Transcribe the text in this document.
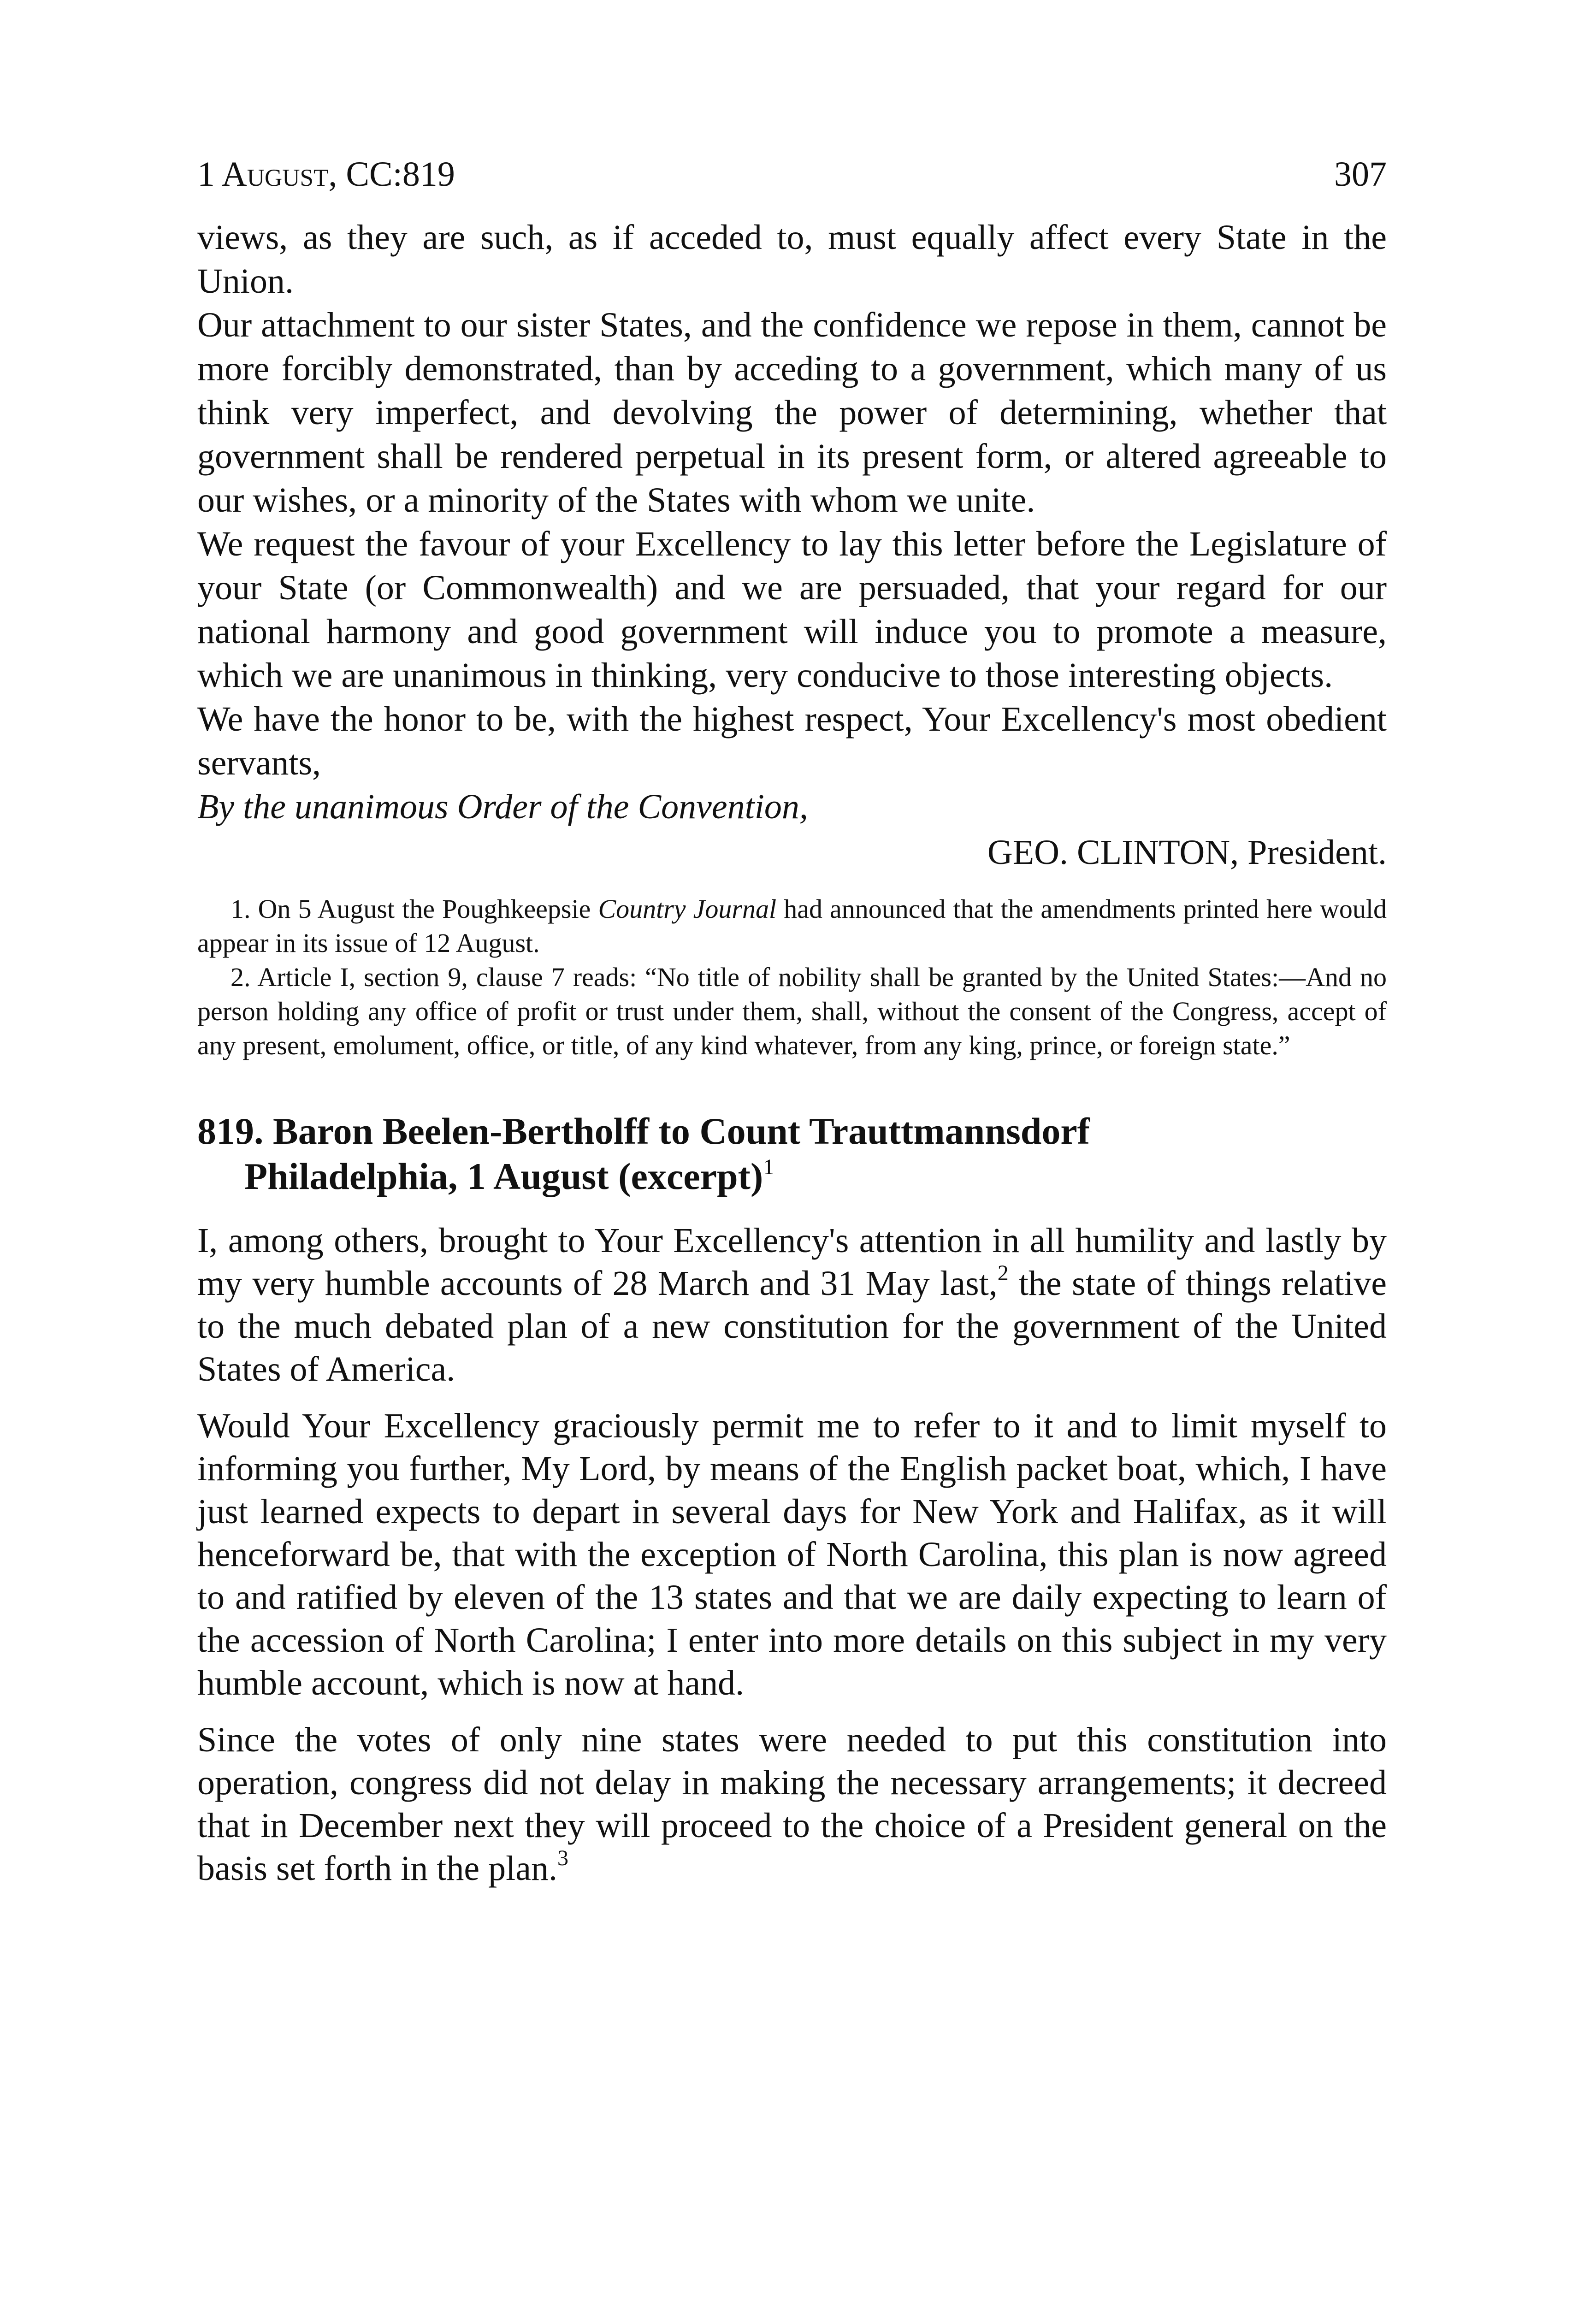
1 August, CC:819	307

views, as they are such, as if acceded to, must equally affect every State in the Union.

Our attachment to our sister States, and the confidence we repose in them, cannot be more forcibly demonstrated, than by acceding to a government, which many of us think very imperfect, and devolving the power of determining, whether that government shall be rendered perpetual in its present form, or altered agreeable to our wishes, or a minority of the States with whom we unite.

We request the favour of your Excellency to lay this letter before the Legislature of your State (or Commonwealth) and we are persuaded, that your regard for our national harmony and good government will induce you to promote a measure, which we are unanimous in thinking, very conducive to those interesting objects.

We have the honor to be, with the highest respect, Your Excellency's most obedient servants,

By the unanimous Order of the Convention,
GEO. CLINTON, President.

1. On 5 August the Poughkeepsie Country Journal had announced that the amendments printed here would appear in its issue of 12 August.

2. Article I, section 9, clause 7 reads: “No title of nobility shall be granted by the United States:—And no person holding any office of profit or trust under them, shall, without the consent of the Congress, accept of any present, emolument, office, or title, of any kind whatever, from any king, prince, or foreign state.”

819. Baron Beelen-Bertholff to Count Trauttmannsdorf
Philadelphia, 1 August (excerpt)$^1$

I, among others, brought to Your Excellency's attention in all humility and lastly by my very humble accounts of 28 March and 31 May last,$^2$ the state of things relative to the much debated plan of a new constitution for the government of the United States of America.

Would Your Excellency graciously permit me to refer to it and to limit myself to informing you further, My Lord, by means of the English packet boat, which, I have just learned expects to depart in several days for New York and Halifax, as it will henceforward be, that with the exception of North Carolina, this plan is now agreed to and ratified by eleven of the 13 states and that we are daily expecting to learn of the accession of North Carolina; I enter into more details on this subject in my very humble account, which is now at hand.

Since the votes of only nine states were needed to put this constitution into operation, congress did not delay in making the necessary arrangements; it decreed that in December next they will proceed to the choice of a President general on the basis set forth in the plan.$^3$
